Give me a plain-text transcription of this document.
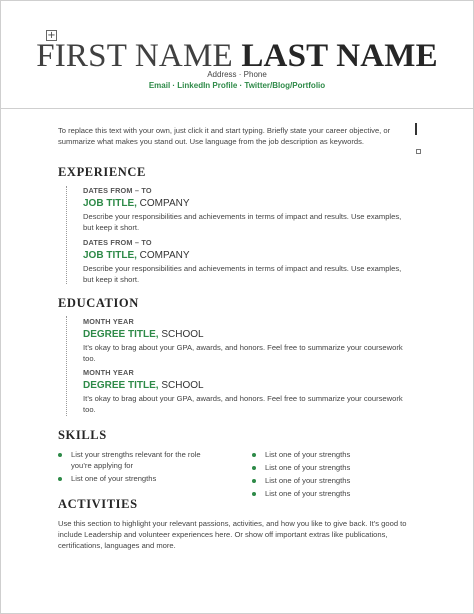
+
FIRST NAME LAST NAME
Address · Phone
Email · LinkedIn Profile · Twitter/Blog/Portfolio
To replace this text with your own, just click it and start typing. Briefly state your career objective, or summarize what makes you stand out. Use language from the job description as keywords.
EXPERIENCE
DATES FROM – TO
JOB TITLE, COMPANY
Describe your responsibilities and achievements in terms of impact and results. Use examples, but keep it short.
DATES FROM – TO
JOB TITLE, COMPANY
Describe your responsibilities and achievements in terms of impact and results. Use examples, but keep it short.
EDUCATION
MONTH YEAR
DEGREE TITLE, SCHOOL
It’s okay to brag about your GPA, awards, and honors. Feel free to summarize your coursework too.
MONTH YEAR
DEGREE TITLE, SCHOOL
It’s okay to brag about your GPA, awards, and honors. Feel free to summarize your coursework too.
SKILLS
List your strengths relevant for the role you’re applying for
List one of your strengths
List one of your strengths
List one of your strengths
List one of your strengths
List one of your strengths
ACTIVITIES
Use this section to highlight your relevant passions, activities, and how you like to give back. It’s good to include Leadership and volunteer experiences here. Or show off important extras like publications, certifications, languages and more.
